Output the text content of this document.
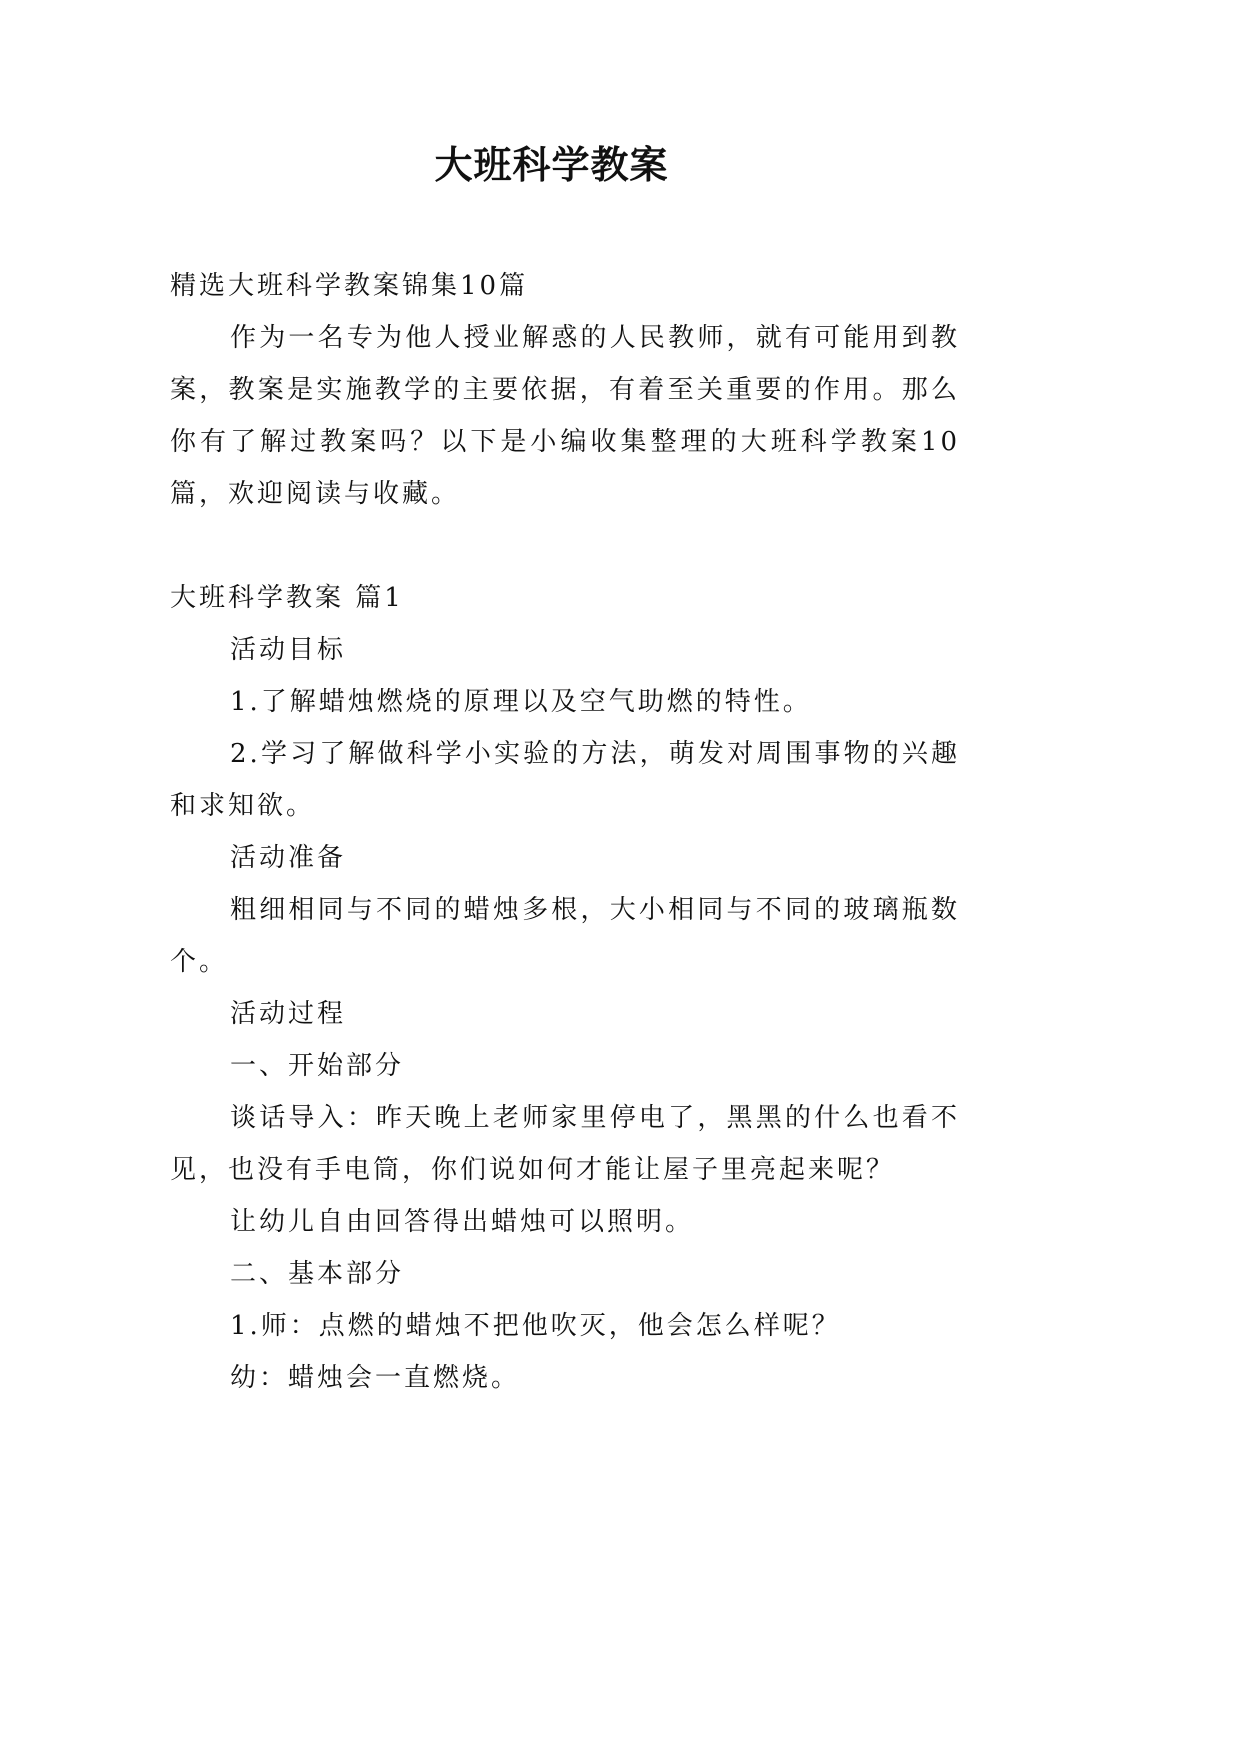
大班科学教案

精选大班科学教案锦集10篇

作为一名专为他人授业解惑的人民教师，就有可能用到教案，教案是实施教学的主要依据，有着至关重要的作用。那么你有了解过教案吗？以下是小编收集整理的大班科学教案10篇，欢迎阅读与收藏。

大班科学教案 篇1

活动目标

1.了解蜡烛燃烧的原理以及空气助燃的特性。

2.学习了解做科学小实验的方法，萌发对周围事物的兴趣和求知欲。

活动准备

粗细相同与不同的蜡烛多根，大小相同与不同的玻璃瓶数个。

活动过程

一、开始部分

谈话导入：昨天晚上老师家里停电了，黑黑的什么也看不见，也没有手电筒，你们说如何才能让屋子里亮起来呢？

让幼儿自由回答得出蜡烛可以照明。

二、基本部分

1.师：点燃的蜡烛不把他吹灭，他会怎么样呢？

幼：蜡烛会一直燃烧。
